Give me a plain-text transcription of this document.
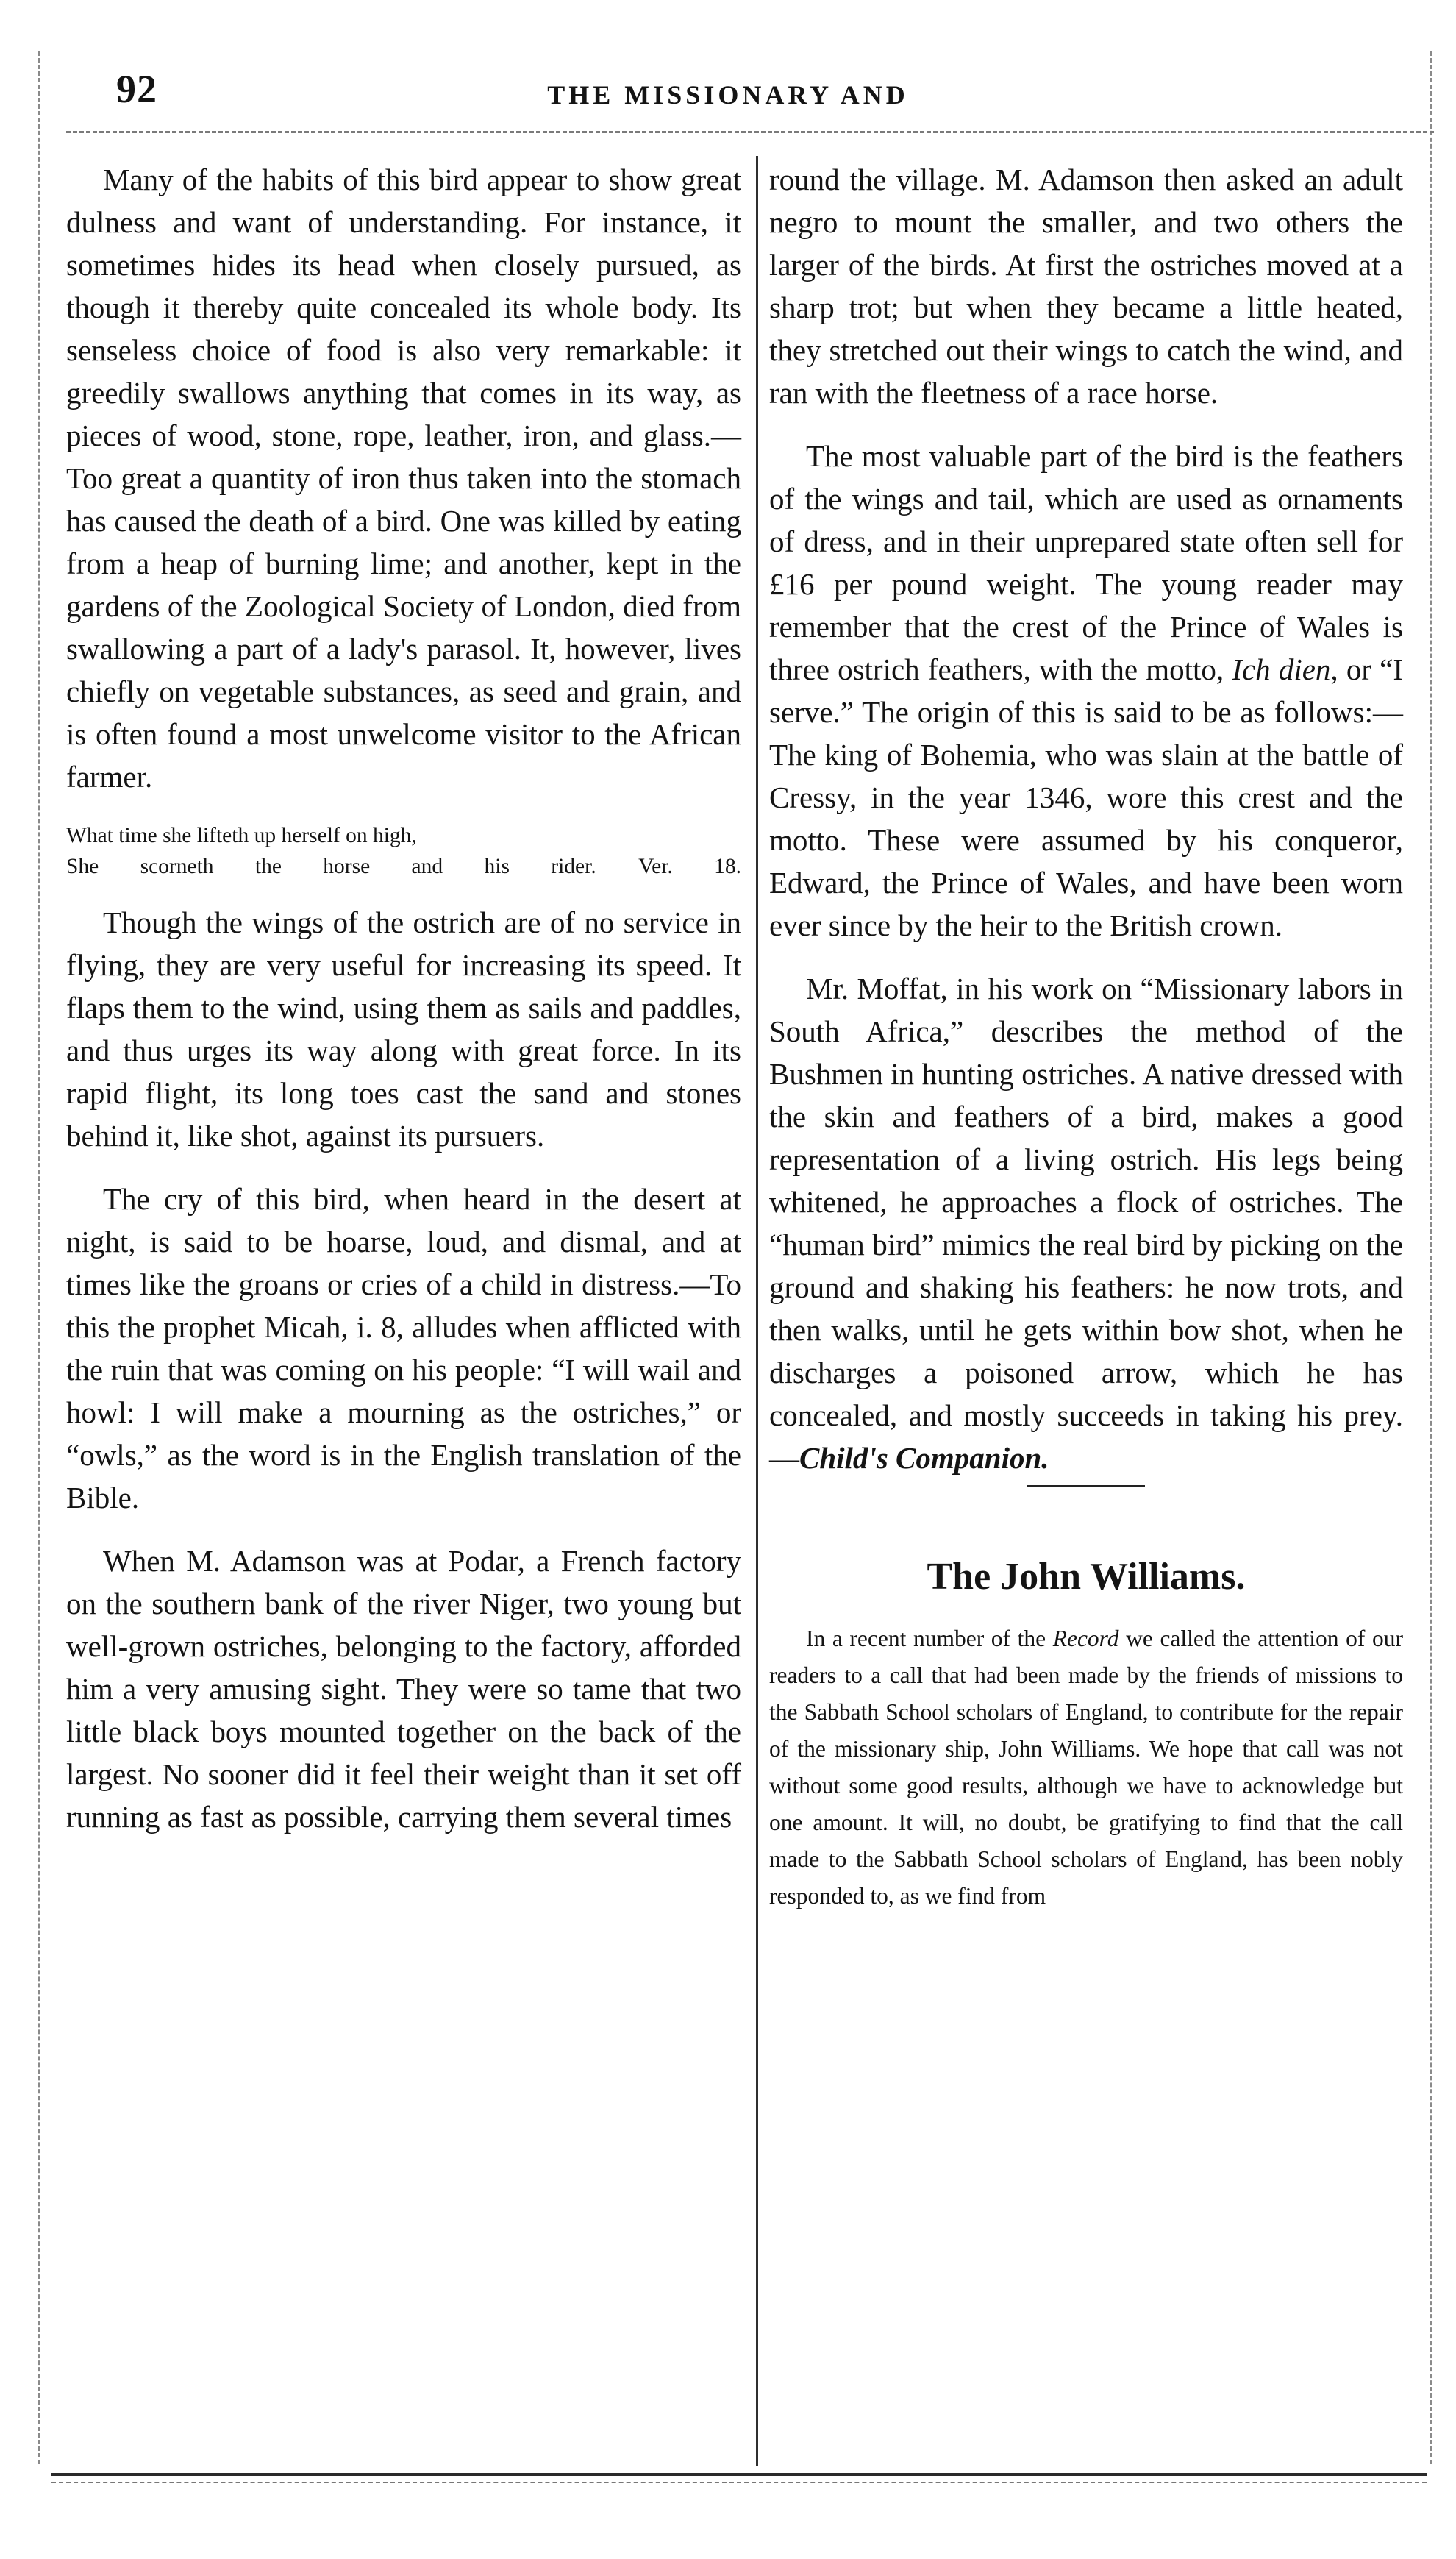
92	THE MISSIONARY AND

Many of the habits of this bird appear to show great dulness and want of understanding. For instance, it sometimes hides its head when closely pursued, as though it thereby quite concealed its whole body. Its senseless choice of food is also very remarkable: it greedily swallows anything that comes in its way, as pieces of wood, stone, rope, leather, iron, and glass.—Too great a quantity of iron thus taken into the stomach has caused the death of a bird. One was killed by eating from a heap of burning lime; and another, kept in the gardens of the Zoological Society of London, died from swallowing a part of a lady's parasol. It, however, lives chiefly on vegetable substances, as seed and grain, and is often found a most unwelcome visitor to the African farmer.

What time she lifteth up herself on high,
She scorneth the horse and his rider. Ver. 18.

Though the wings of the ostrich are of no service in flying, they are very useful for increasing its speed. It flaps them to the wind, using them as sails and paddles, and thus urges its way along with great force. In its rapid flight, its long toes cast the sand and stones behind it, like shot, against its pursuers.

The cry of this bird, when heard in the desert at night, is said to be hoarse, loud, and dismal, and at times like the groans or cries of a child in distress.—To this the prophet Micah, i. 8, alludes when afflicted with the ruin that was coming on his people: “I will wail and howl: I will make a mourning as the ostriches,” or “owls,” as the word is in the English translation of the Bible.

When M. Adamson was at Podar, a French factory on the southern bank of the river Niger, two young but well-grown ostriches, belonging to the factory, afforded him a very amusing sight. They were so tame that two little black boys mounted together on the back of the largest. No sooner did it feel their weight than it set off running as fast as possible, carrying them several times

round the village. M. Adamson then asked an adult negro to mount the smaller, and two others the larger of the birds. At first the ostriches moved at a sharp trot; but when they became a little heated, they stretched out their wings to catch the wind, and ran with the fleetness of a race horse.

The most valuable part of the bird is the feathers of the wings and tail, which are used as ornaments of dress, and in their unprepared state often sell for £16 per pound weight. The young reader may remember that the crest of the Prince of Wales is three ostrich feathers, with the motto, Ich dien, or “I serve.” The origin of this is said to be as follows:—The king of Bohemia, who was slain at the battle of Cressy, in the year 1346, wore this crest and the motto. These were assumed by his conqueror, Edward, the Prince of Wales, and have been worn ever since by the heir to the British crown.

Mr. Moffat, in his work on “Missionary labors in South Africa,” describes the method of the Bushmen in hunting ostriches. A native dressed with the skin and feathers of a bird, makes a good representation of a living ostrich. His legs being whitened, he approaches a flock of ostriches. The “human bird” mimics the real bird by picking on the ground and shaking his feathers: he now trots, and then walks, until he gets within bow shot, when he discharges a poisoned arrow, which he has concealed, and mostly succeeds in taking his prey.—Child's Companion.

The John Williams.

In a recent number of the Record we called the attention of our readers to a call that had been made by the friends of missions to the Sabbath School scholars of England, to contribute for the repair of the missionary ship, John Williams. We hope that call was not without some good results, although we have to acknowledge but one amount. It will, no doubt, be gratifying to find that the call made to the Sabbath School scholars of England, has been nobly responded to, as we find from
